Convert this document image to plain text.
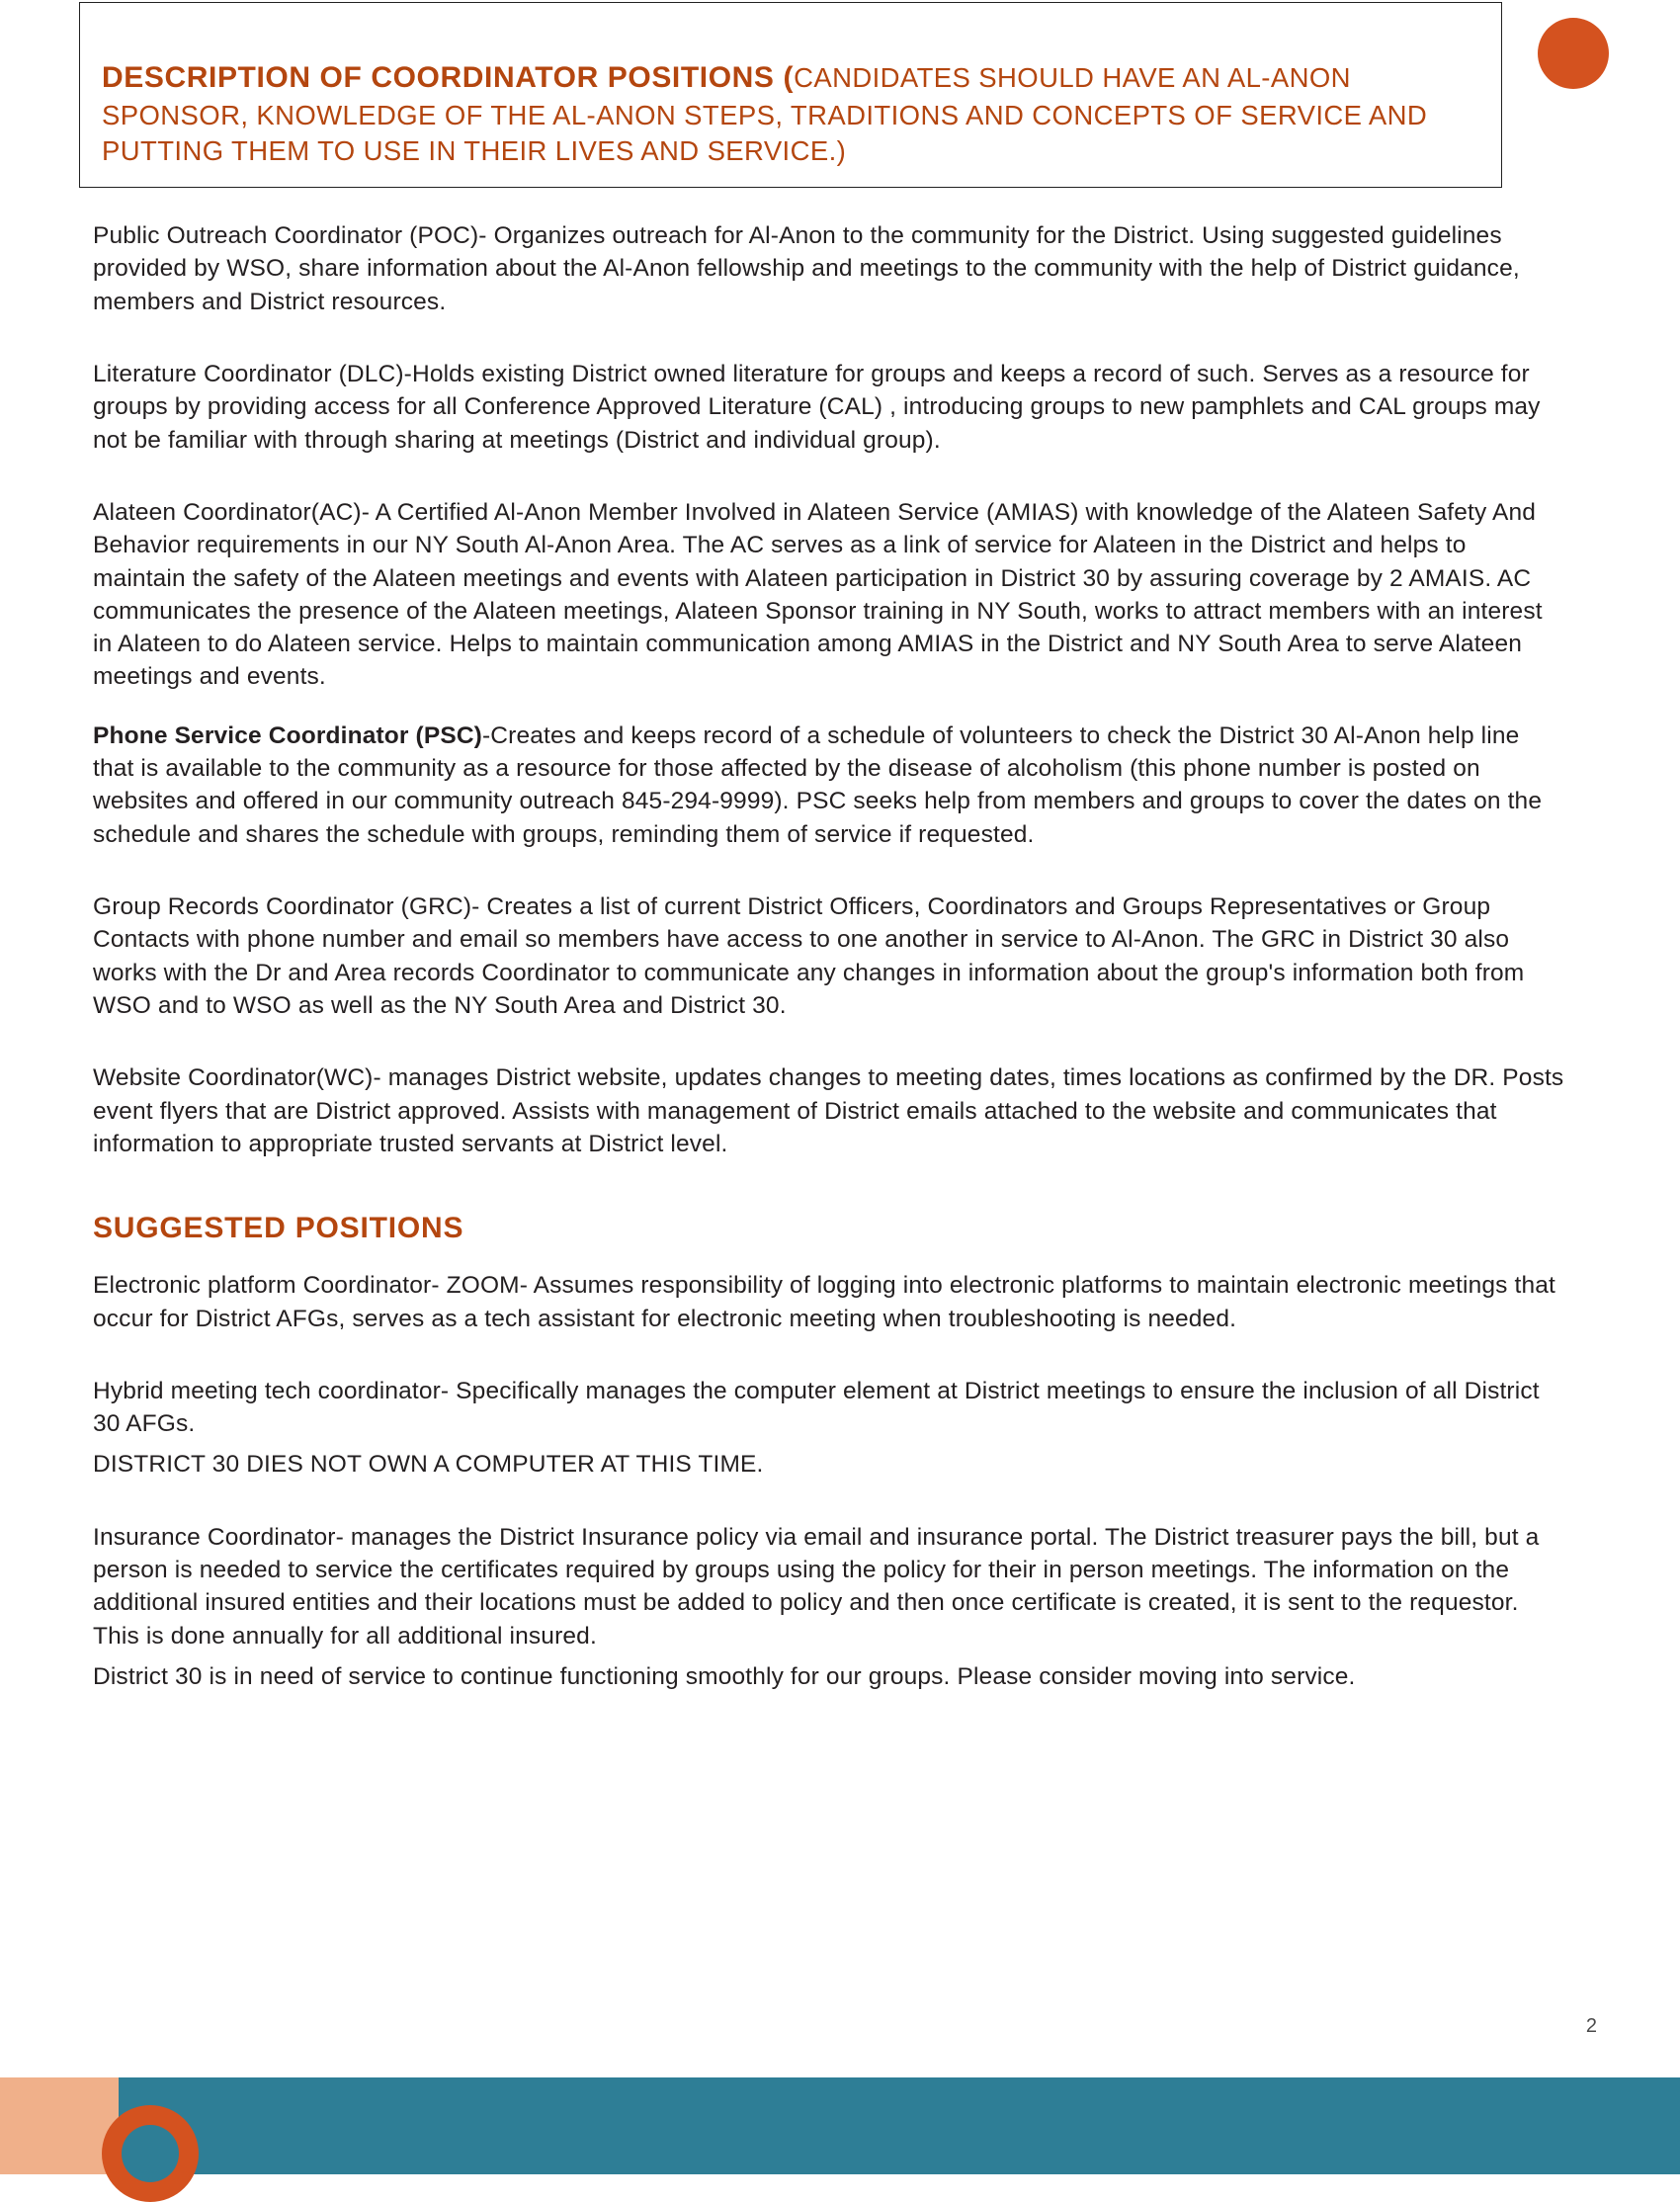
DESCRIPTION OF COORDINATOR POSITIONS (CANDIDATES SHOULD HAVE AN AL-ANON SPONSOR, KNOWLEDGE OF THE AL-ANON STEPS, TRADITIONS AND CONCEPTS OF SERVICE AND PUTTING THEM TO USE IN THEIR LIVES AND SERVICE.)

Public Outreach Coordinator (POC)- Organizes outreach for Al-Anon to the community for the District. Using suggested guidelines provided by WSO, share information about the Al-Anon fellowship and meetings to the community with the help of District guidance, members and District resources.

Literature Coordinator (DLC)-Holds existing District owned literature for groups and keeps a record of such. Serves as a resource for groups by providing access for all Conference Approved Literature (CAL) , introducing groups to new pamphlets and CAL groups may not be familiar with through sharing at meetings (District and individual group).

Alateen Coordinator(AC)- A Certified Al-Anon Member Involved in Alateen Service (AMIAS) with knowledge of the Alateen Safety And Behavior requirements in our NY South Al-Anon Area. The AC serves as a link of service for Alateen in the District and helps to maintain the safety of the Alateen meetings and events with Alateen participation in District 30 by assuring coverage by 2 AMAIS. AC communicates the presence of the Alateen meetings, Alateen Sponsor training in NY South, works to attract members with an interest in Alateen to do Alateen service. Helps to maintain communication among AMIAS in the District and NY South Area to serve Alateen meetings and events.

Phone Service Coordinator (PSC)-Creates and keeps record of a schedule of volunteers to check the District 30 Al-Anon help line that is available to the community as a resource for those affected by the disease of alcoholism (this phone number is posted on websites and offered in our community outreach 845-294-9999). PSC seeks help from members and groups to cover the dates on the schedule and shares the schedule with groups, reminding them of service if requested.

Group Records Coordinator (GRC)- Creates a list of current District Officers, Coordinators and Groups Representatives or Group Contacts with phone number and email so members have access to one another in service to Al-Anon. The GRC in District 30 also works with the Dr and Area records Coordinator to communicate any changes in information about the group's information both from WSO and to WSO as well as the NY South Area and District 30.

Website Coordinator(WC)- manages District website, updates changes to meeting dates, times locations as confirmed by the DR. Posts event flyers that are District approved. Assists with management of District emails attached to the website and communicates that information to appropriate trusted servants at District level.

SUGGESTED POSITIONS

Electronic platform Coordinator- ZOOM- Assumes responsibility of logging into electronic platforms to maintain electronic meetings that occur for District AFGs, serves as a tech assistant for electronic meeting when troubleshooting is needed.

Hybrid meeting tech coordinator- Specifically manages the computer element at District meetings to ensure the inclusion of all District 30 AFGs.

DISTRICT 30 DIES NOT OWN A COMPUTER AT THIS TIME.

Insurance Coordinator- manages the District Insurance policy via email and insurance portal. The District treasurer pays the bill, but a person is needed to service the certificates required by groups using the policy for their in person meetings. The information on the additional insured entities and their locations must be added to policy and then once certificate is created, it is sent to the requestor. This is done annually for all additional insured.

District 30 is in need of service to continue functioning smoothly for our groups. Please consider moving into service.

2
